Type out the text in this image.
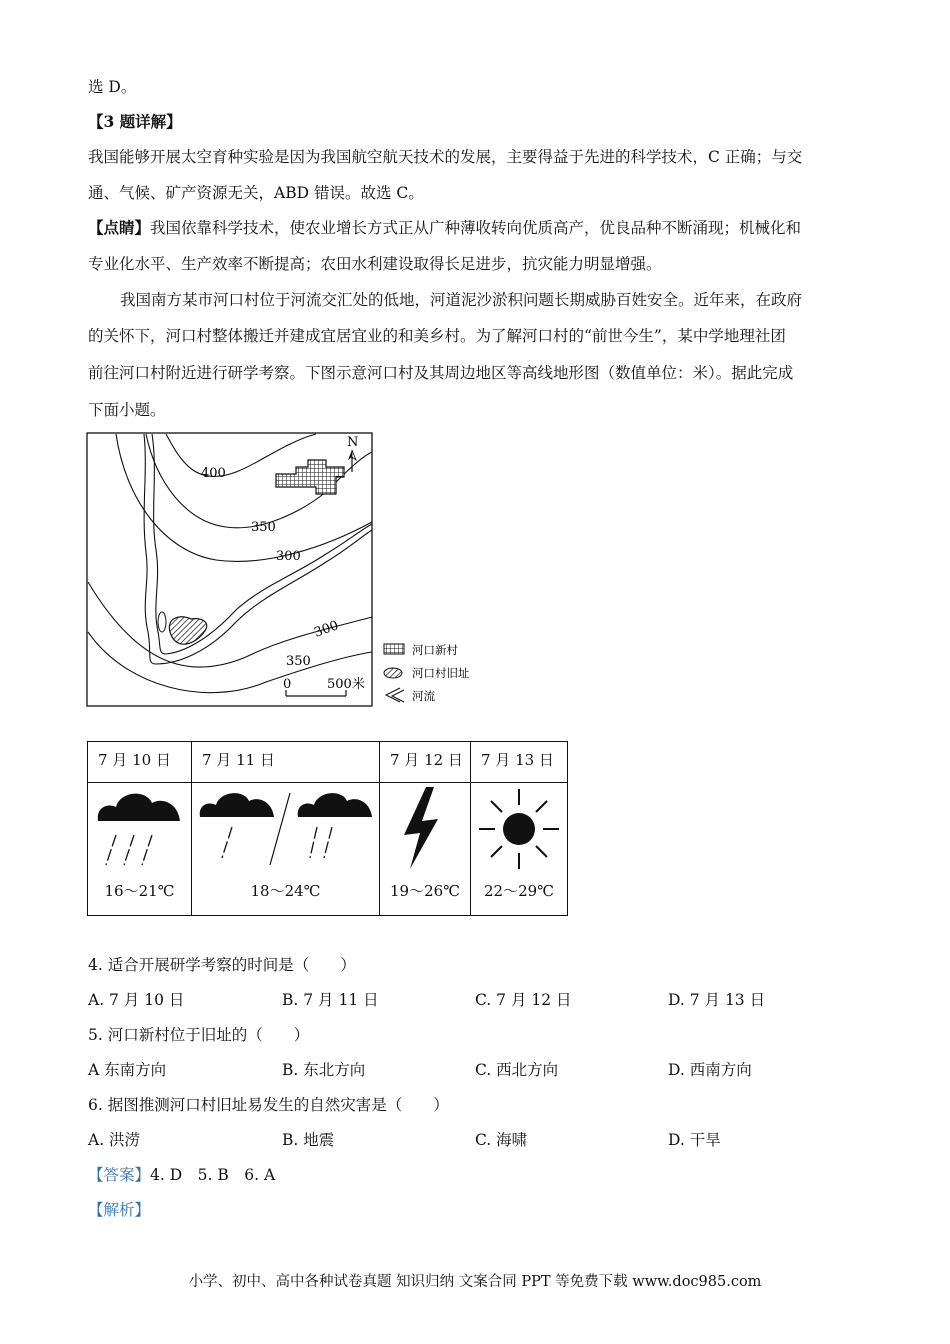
选 D。
【3 题详解】
我国能够开展太空育种实验是因为我国航空航天技术的发展，主要得益于先进的科学技术，C 正确；与交
通、气候、矿产资源无关，ABD 错误。故选 C。
【点睛】我国依靠科学技术，使农业增长方式正从广种薄收转向优质高产，优良品种不断涌现；机械化和
专业化水平、生产效率不断提高；农田水利建设取得长足进步，抗灾能力明显增强。
我国南方某市河口村位于河流交汇处的低地，河道泥沙淤积问题长期威胁百姓安全。近年来，在政府
的关怀下，河口村整体搬迁并建成宜居宜业的和美乡村。为了解河口村的“前世今生”，某中学地理社团
前往河口村附近进行研学考察。下图示意河口村及其周边地区等高线地形图（数值单位：米）。据此完成
下面小题。
N
400
350
300
300
350
0	500米
河口新村
河口村旧址
河流
7 月 10 日	7 月 11 日	7 月 12 日	7 月 13 日

16～21℃	18～24℃	19～26℃	22～29℃
4. 适合开展研学考察的时间是（　　）
A. 7 月 10 日	B. 7 月 11 日	C. 7 月 12 日	D. 7 月 13 日
5. 河口新村位于旧址的（　　）
A 东南方向	B. 东北方向	C. 西北方向	D. 西南方向
6. 据图推测河口村旧址易发生的自然灾害是（　　）
A. 洪涝	B. 地震	C. 海啸	D. 干旱
【答案】4. D　5. B　6. A
【解析】
小学、初中、高中各种试卷真题 知识归纳 文案合同 PPT 等免费下载 www.doc985.com
